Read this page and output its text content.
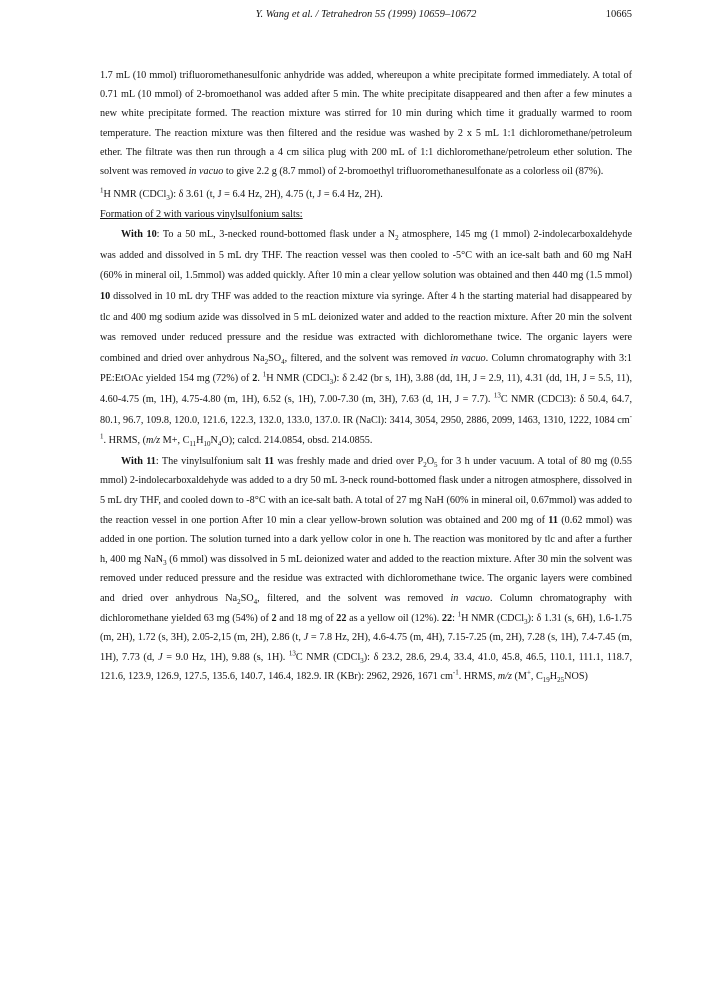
Y. Wang et al. / Tetrahedron 55 (1999) 10659–10672	10665

1.7 mL (10 mmol) trifluoromethanesulfonic anhydride was added, whereupon a white precipitate formed immediately. A total of 0.71 mL (10 mmol) of 2-bromoethanol was added after 5 min. The white precipitate disappeared and then after a few minutes a new white precipitate formed. The reaction mixture was stirred for 10 min during which time it gradually warmed to room temperature. The reaction mixture was then filtered and the residue was washed by 2 x 5 mL 1:1 dichloromethane/petroleum ether. The filtrate was then run through a 4 cm silica plug with 200 mL of 1:1 dichloromethane/petroleum ether solution. The solvent was removed in vacuo to give 2.2 g (8.7 mmol) of 2-bromoethyl trifluoromethanesulfonate as a colorless oil (87%).

$^1$H NMR (CDCl$_3$): δ 3.61 (t, J = 6.4 Hz, 2H), 4.75 (t, J = 6.4 Hz, 2H).

Formation of 2 with various vinylsulfonium salts:

With 10: To a 50 mL, 3-necked round-bottomed flask under a $N_2$ atmosphere, 145 mg (1 mmol) 2-indolecarboxaldehyde was added and dissolved in 5 mL dry THF. The reaction vessel was then cooled to -5°C with an ice-salt bath and 60 mg NaH (60% in mineral oil, 1.5mmol) was added quickly. After 10 min a clear yellow solution was obtained and then 440 mg (1.5 mmol) 10 dissolved in 10 mL dry THF was added to the reaction mixture via syringe. After 4 h the starting material had disappeared by tlc and 400 mg sodium azide was dissolved in 5 mL deionized water and added to the reaction mixture. After 20 min the solvent was removed under reduced pressure and the residue was extracted with dichloromethane twice. The organic layers were combined and dried over anhydrous $Na_2SO_4$, filtered, and the solvent was removed in vacuo. Column chromatography with 3:1 PE:EtOAc yielded 154 mg (72%) of 2. $^1$H NMR (CDCl$_3$): δ 2.42 (br s, 1H), 3.88 (dd, 1H, J = 2.9, 11), 4.31 (dd, 1H, J = 5.5, 11), 4.60-4.75 (m, 1H), 4.75-4.80 (m, 1H), 6.52 (s, 1H), 7.00-7.30 (m, 3H), 7.63 (d, 1H, J = 7.7). $^{13}$C NMR (CDCl3): δ 50.4, 64.7, 80.1, 96.7, 109.8, 120.0, 121.6, 122.3, 132.0, 133.0, 137.0. IR (NaCl): 3414, 3054, 2950, 2886, 2099, 1463, 1310, 1222, 1084 $cm^{-1}$. HRMS, (m/z M+, $C_{11}H_{10}N_4O$); calcd. 214.0854, obsd. 214.0855.

With 11: The vinylsulfonium salt 11 was freshly made and dried over $P_2O_5$ for 3 h under vacuum. A total of 80 mg (0.55 mmol) 2-indolecarboxaldehyde was added to a dry 50 mL 3-neck round-bottomed flask under a nitrogen atmosphere, dissolved in 5 mL dry THF, and cooled down to -8°C with an ice-salt bath. A total of 27 mg NaH (60% in mineral oil, 0.67mmol) was added to the reaction vessel in one portion After 10 min a clear yellow-brown solution was obtained and 200 mg of 11 (0.62 mmol) was added in one portion. The solution turned into a dark yellow color in one h. The reaction was monitored by tlc and after a further h, 400 mg NaN$_3$ (6 mmol) was dissolved in 5 mL deionized water and added to the reaction mixture. After 30 min the solvent was removed under reduced pressure and the residue was extracted with dichloromethane twice. The organic layers were combined and dried over anhydrous $Na_2SO_4$, filtered, and the solvent was removed in vacuo. Column chromatography with dichloromethane yielded 63 mg (54%) of 2 and 18 mg of 22 as a yellow oil (12%). 22: $^1$H NMR (CDCl$_3$): δ 1.31 (s, 6H), 1.6-1.75 (m, 2H), 1.72 (s, 3H), 2.05-2,15 (m, 2H), 2.86 (t, J = 7.8 Hz, 2H), 4.6-4.75 (m, 4H), 7.15-7.25 (m, 2H), 7.28 (s, 1H), 7.4-7.45 (m, 1H), 7.73 (d, J = 9.0 Hz, 1H), 9.88 (s, 1H). $^{13}$C NMR (CDCl$_3$): δ 23.2, 28.6, 29.4, 33.4, 41.0, 45.8, 46.5, 110.1, 111.1, 118.7, 121.6, 123.9, 126.9, 127.5, 135.6, 140.7, 146.4, 182.9. IR (KBr): 2962, 2926, 1671 $cm^{-1}$. HRMS, m/z (M+, $C_{19}H_{25}NOS$)
